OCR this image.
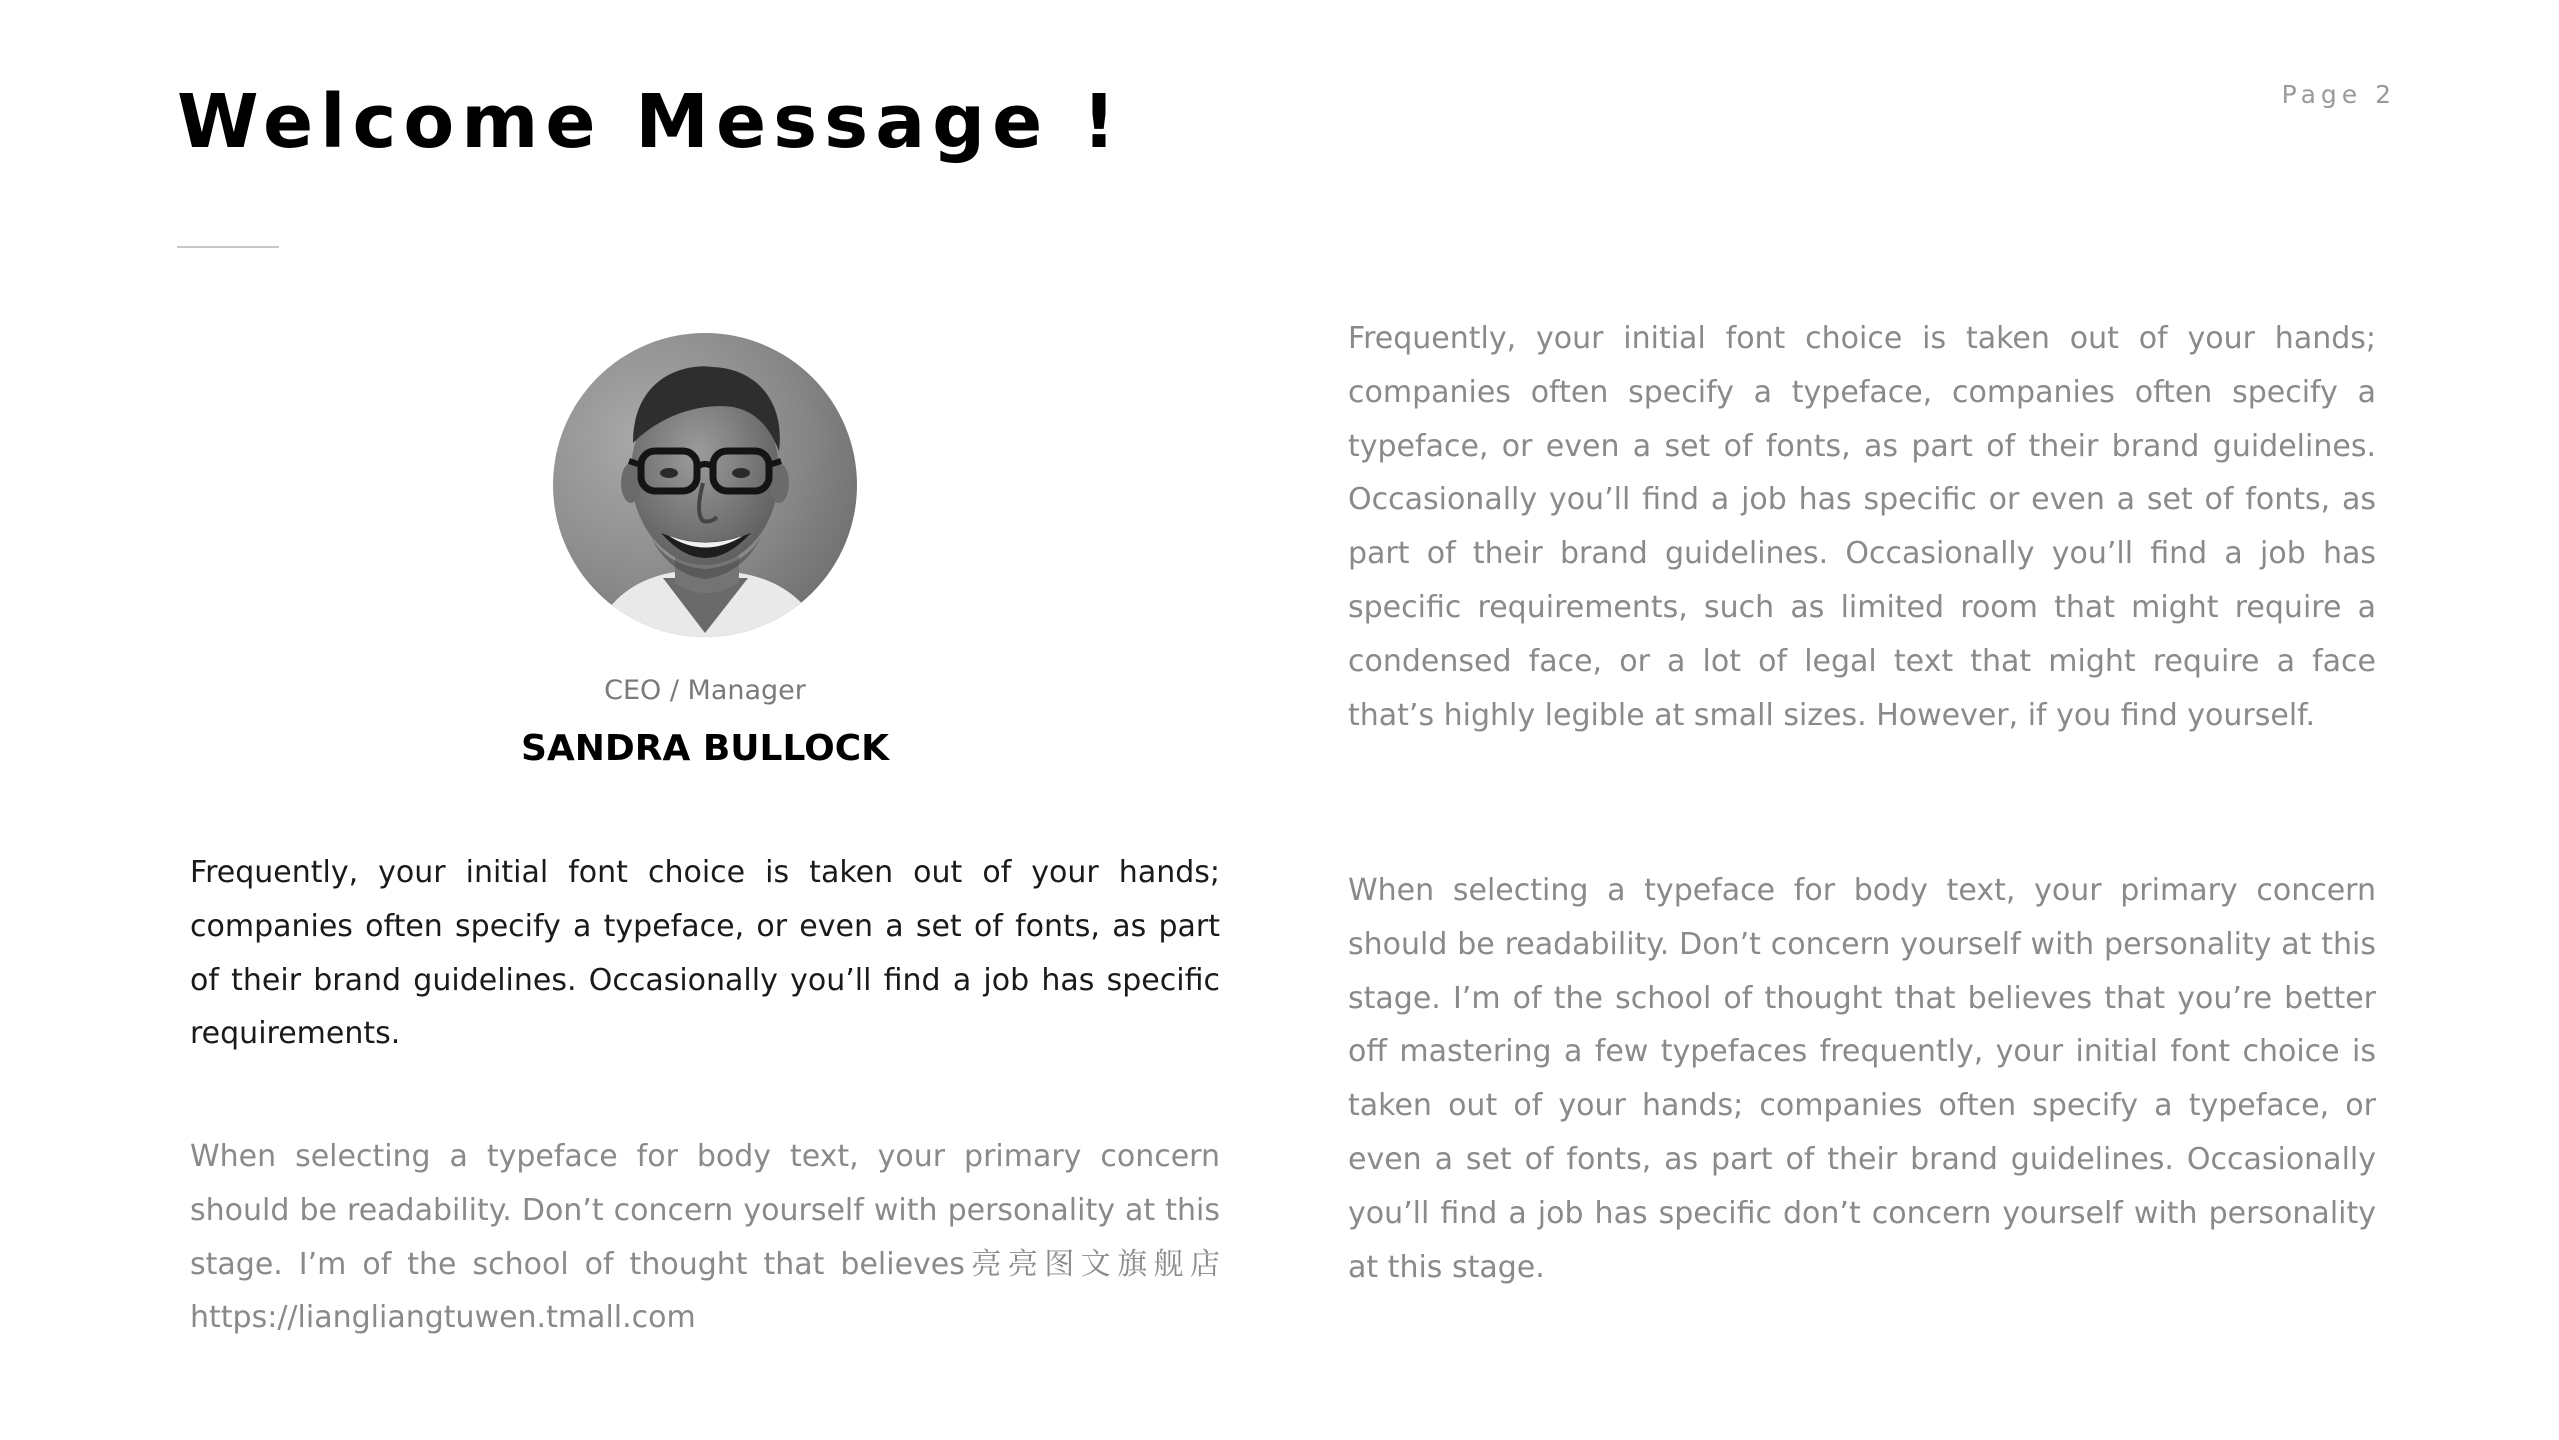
Welcome Message !	Page 2
CEO / Manager
SANDRA BULLOCK

Frequently, your initial font choice is taken out of your hands; companies often specify a typeface, or even a set of fonts, as part of their brand guidelines. Occasionally you’ll find a job has specific requirements.

When selecting a typeface for body text, your primary concern should be readability. Don’t concern yourself with personality at this stage. I’m of the school of thought that believes亮亮图文旗舰店https://liangliangtuwen.tmall.com

Frequently, your initial font choice is taken out of your hands; companies often specify a typeface, companies often specify a typeface, or even a set of fonts, as part of their brand guidelines. Occasionally you’ll find a job has specific or even a set of fonts, as part of their brand guidelines. Occasionally you’ll find a job has specific requirements, such as limited room that might require a condensed face, or a lot of legal text that might require a face that’s highly legible at small sizes. However, if you find yourself.

When selecting a typeface for body text, your primary concern should be readability. Don’t concern yourself with personality at this stage. I’m of the school of thought that believes that you’re better off mastering a few typefaces frequently, your initial font choice is taken out of your hands; companies often specify a typeface, or even a set of fonts, as part of their brand guidelines. Occasionally you’ll find a job has specific don’t concern yourself with personality at this stage.
